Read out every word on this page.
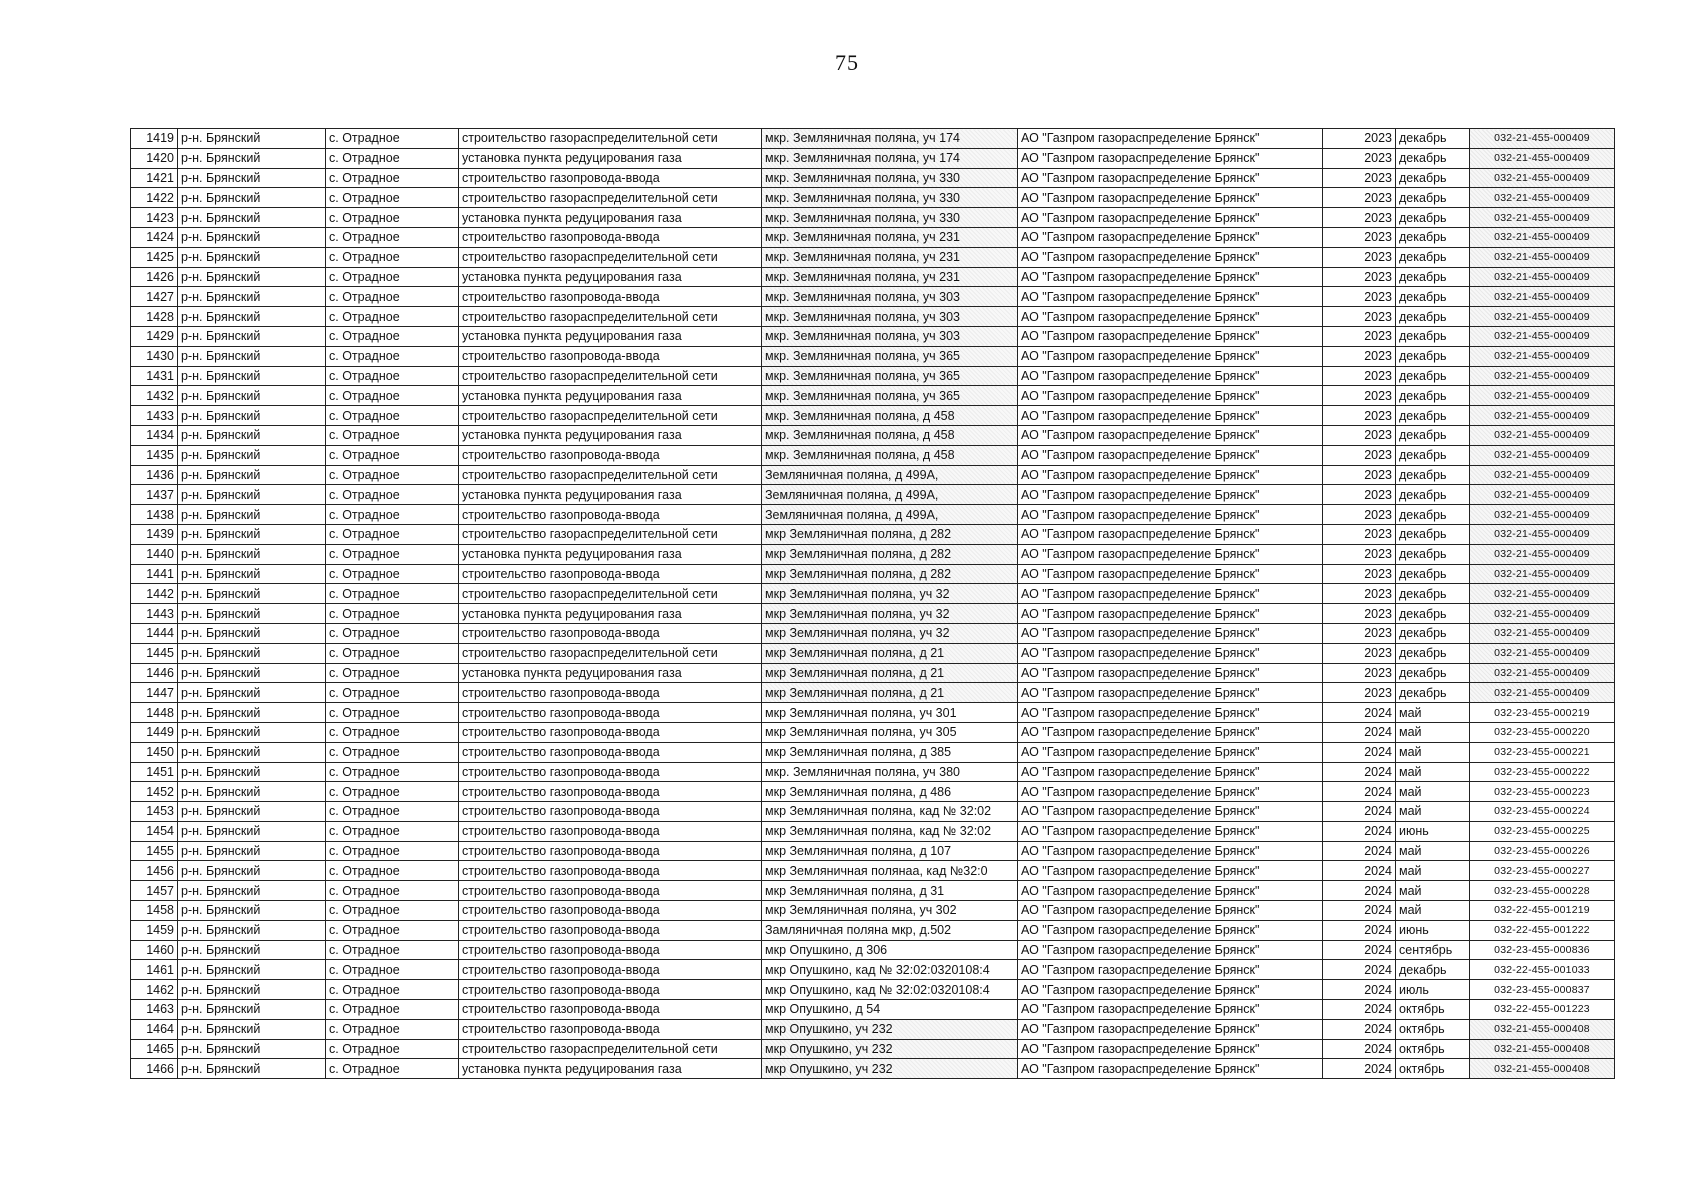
75
1419	р-н. Брянский	с. Отрадное	строительство газораспределительной сети	мкр. Земляничная поляна, уч 174	АО "Газпром газораспределение Брянск"	2023	декабрь	032-21-455-000409
1420	р-н. Брянский	с. Отрадное	установка пункта редуцирования газа	мкр. Земляничная поляна, уч 174	АО "Газпром газораспределение Брянск"	2023	декабрь	032-21-455-000409
1421	р-н. Брянский	с. Отрадное	строительство газопровода-ввода	мкр. Земляничная поляна, уч 330	АО "Газпром газораспределение Брянск"	2023	декабрь	032-21-455-000409
1422	р-н. Брянский	с. Отрадное	строительство газораспределительной сети	мкр. Земляничная поляна, уч 330	АО "Газпром газораспределение Брянск"	2023	декабрь	032-21-455-000409
1423	р-н. Брянский	с. Отрадное	установка пункта редуцирования газа	мкр. Земляничная поляна, уч 330	АО "Газпром газораспределение Брянск"	2023	декабрь	032-21-455-000409
1424	р-н. Брянский	с. Отрадное	строительство газопровода-ввода	мкр. Земляничная поляна, уч 231	АО "Газпром газораспределение Брянск"	2023	декабрь	032-21-455-000409
1425	р-н. Брянский	с. Отрадное	строительство газораспределительной сети	мкр. Земляничная поляна, уч 231	АО "Газпром газораспределение Брянск"	2023	декабрь	032-21-455-000409
1426	р-н. Брянский	с. Отрадное	установка пункта редуцирования газа	мкр. Земляничная поляна, уч 231	АО "Газпром газораспределение Брянск"	2023	декабрь	032-21-455-000409
1427	р-н. Брянский	с. Отрадное	строительство газопровода-ввода	мкр. Земляничная поляна, уч 303	АО "Газпром газораспределение Брянск"	2023	декабрь	032-21-455-000409
1428	р-н. Брянский	с. Отрадное	строительство газораспределительной сети	мкр. Земляничная поляна, уч 303	АО "Газпром газораспределение Брянск"	2023	декабрь	032-21-455-000409
1429	р-н. Брянский	с. Отрадное	установка пункта редуцирования газа	мкр. Земляничная поляна, уч 303	АО "Газпром газораспределение Брянск"	2023	декабрь	032-21-455-000409
1430	р-н. Брянский	с. Отрадное	строительство газопровода-ввода	мкр. Земляничная поляна, уч 365	АО "Газпром газораспределение Брянск"	2023	декабрь	032-21-455-000409
1431	р-н. Брянский	с. Отрадное	строительство газораспределительной сети	мкр. Земляничная поляна, уч 365	АО "Газпром газораспределение Брянск"	2023	декабрь	032-21-455-000409
1432	р-н. Брянский	с. Отрадное	установка пункта редуцирования газа	мкр. Земляничная поляна, уч 365	АО "Газпром газораспределение Брянск"	2023	декабрь	032-21-455-000409
1433	р-н. Брянский	с. Отрадное	строительство газораспределительной сети	мкр. Земляничная поляна, д 458	АО "Газпром газораспределение Брянск"	2023	декабрь	032-21-455-000409
1434	р-н. Брянский	с. Отрадное	установка пункта редуцирования газа	мкр. Земляничная поляна, д 458	АО "Газпром газораспределение Брянск"	2023	декабрь	032-21-455-000409
1435	р-н. Брянский	с. Отрадное	строительство газопровода-ввода	мкр. Земляничная поляна, д 458	АО "Газпром газораспределение Брянск"	2023	декабрь	032-21-455-000409
1436	р-н. Брянский	с. Отрадное	строительство газораспределительной сети	Земляничная поляна, д 499А,	АО "Газпром газораспределение Брянск"	2023	декабрь	032-21-455-000409
1437	р-н. Брянский	с. Отрадное	установка пункта редуцирования газа	Земляничная поляна, д 499А,	АО "Газпром газораспределение Брянск"	2023	декабрь	032-21-455-000409
1438	р-н. Брянский	с. Отрадное	строительство газопровода-ввода	Земляничная поляна, д 499А,	АО "Газпром газораспределение Брянск"	2023	декабрь	032-21-455-000409
1439	р-н. Брянский	с. Отрадное	строительство газораспределительной сети	мкр Земляничная поляна, д 282	АО "Газпром газораспределение Брянск"	2023	декабрь	032-21-455-000409
1440	р-н. Брянский	с. Отрадное	установка пункта редуцирования газа	мкр Земляничная поляна, д 282	АО "Газпром газораспределение Брянск"	2023	декабрь	032-21-455-000409
1441	р-н. Брянский	с. Отрадное	строительство газопровода-ввода	мкр Земляничная поляна, д 282	АО "Газпром газораспределение Брянск"	2023	декабрь	032-21-455-000409
1442	р-н. Брянский	с. Отрадное	строительство газораспределительной сети	мкр Земляничная поляна, уч 32	АО "Газпром газораспределение Брянск"	2023	декабрь	032-21-455-000409
1443	р-н. Брянский	с. Отрадное	установка пункта редуцирования газа	мкр Земляничная поляна, уч 32	АО "Газпром газораспределение Брянск"	2023	декабрь	032-21-455-000409
1444	р-н. Брянский	с. Отрадное	строительство газопровода-ввода	мкр Земляничная поляна, уч 32	АО "Газпром газораспределение Брянск"	2023	декабрь	032-21-455-000409
1445	р-н. Брянский	с. Отрадное	строительство газораспределительной сети	мкр Земляничная поляна, д 21	АО "Газпром газораспределение Брянск"	2023	декабрь	032-21-455-000409
1446	р-н. Брянский	с. Отрадное	установка пункта редуцирования газа	мкр Земляничная поляна, д 21	АО "Газпром газораспределение Брянск"	2023	декабрь	032-21-455-000409
1447	р-н. Брянский	с. Отрадное	строительство газопровода-ввода	мкр Земляничная поляна, д 21	АО "Газпром газораспределение Брянск"	2023	декабрь	032-21-455-000409
1448	р-н. Брянский	с. Отрадное	строительство газопровода-ввода	мкр Земляничная поляна, уч 301	АО "Газпром газораспределение Брянск"	2024	май	032-23-455-000219
1449	р-н. Брянский	с. Отрадное	строительство газопровода-ввода	мкр Земляничная поляна, уч 305	АО "Газпром газораспределение Брянск"	2024	май	032-23-455-000220
1450	р-н. Брянский	с. Отрадное	строительство газопровода-ввода	мкр Земляничная поляна, д 385	АО "Газпром газораспределение Брянск"	2024	май	032-23-455-000221
1451	р-н. Брянский	с. Отрадное	строительство газопровода-ввода	мкр. Земляничная поляна, уч 380	АО "Газпром газораспределение Брянск"	2024	май	032-23-455-000222
1452	р-н. Брянский	с. Отрадное	строительство газопровода-ввода	мкр Земляничная поляна, д 486	АО "Газпром газораспределение Брянск"	2024	май	032-23-455-000223
1453	р-н. Брянский	с. Отрадное	строительство газопровода-ввода	мкр Земляничная поляна, кад № 32:02	АО "Газпром газораспределение Брянск"	2024	май	032-23-455-000224
1454	р-н. Брянский	с. Отрадное	строительство газопровода-ввода	мкр Земляничная поляна, кад № 32:02	АО "Газпром газораспределение Брянск"	2024	июнь	032-23-455-000225
1455	р-н. Брянский	с. Отрадное	строительство газопровода-ввода	мкр Земляничная поляна, д 107	АО "Газпром газораспределение Брянск"	2024	май	032-23-455-000226
1456	р-н. Брянский	с. Отрадное	строительство газопровода-ввода	мкр Земляничная полянаа, кад №32:0	АО "Газпром газораспределение Брянск"	2024	май	032-23-455-000227
1457	р-н. Брянский	с. Отрадное	строительство газопровода-ввода	мкр Земляничная поляна, д 31	АО "Газпром газораспределение Брянск"	2024	май	032-23-455-000228
1458	р-н. Брянский	с. Отрадное	строительство газопровода-ввода	мкр Земляничная поляна, уч 302	АО "Газпром газораспределение Брянск"	2024	май	032-22-455-001219
1459	р-н. Брянский	с. Отрадное	строительство газопровода-ввода	Замляничная поляна мкр, д.502	АО "Газпром газораспределение Брянск"	2024	июнь	032-22-455-001222
1460	р-н. Брянский	с. Отрадное	строительство газопровода-ввода	мкр Опушкино, д 306	АО "Газпром газораспределение Брянск"	2024	сентябрь	032-23-455-000836
1461	р-н. Брянский	с. Отрадное	строительство газопровода-ввода	мкр Опушкино, кад № 32:02:0320108:4	АО "Газпром газораспределение Брянск"	2024	декабрь	032-22-455-001033
1462	р-н. Брянский	с. Отрадное	строительство газопровода-ввода	мкр Опушкино, кад № 32:02:0320108:4	АО "Газпром газораспределение Брянск"	2024	июль	032-23-455-000837
1463	р-н. Брянский	с. Отрадное	строительство газопровода-ввода	мкр Опушкино, д 54	АО "Газпром газораспределение Брянск"	2024	октябрь	032-22-455-001223
1464	р-н. Брянский	с. Отрадное	строительство газопровода-ввода	мкр Опушкино, уч 232	АО "Газпром газораспределение Брянск"	2024	октябрь	032-21-455-000408
1465	р-н. Брянский	с. Отрадное	строительство газораспределительной сети	мкр Опушкино, уч 232	АО "Газпром газораспределение Брянск"	2024	октябрь	032-21-455-000408
1466	р-н. Брянский	с. Отрадное	установка пункта редуцирования газа	мкр Опушкино, уч 232	АО "Газпром газораспределение Брянск"	2024	октябрь	032-21-455-000408
